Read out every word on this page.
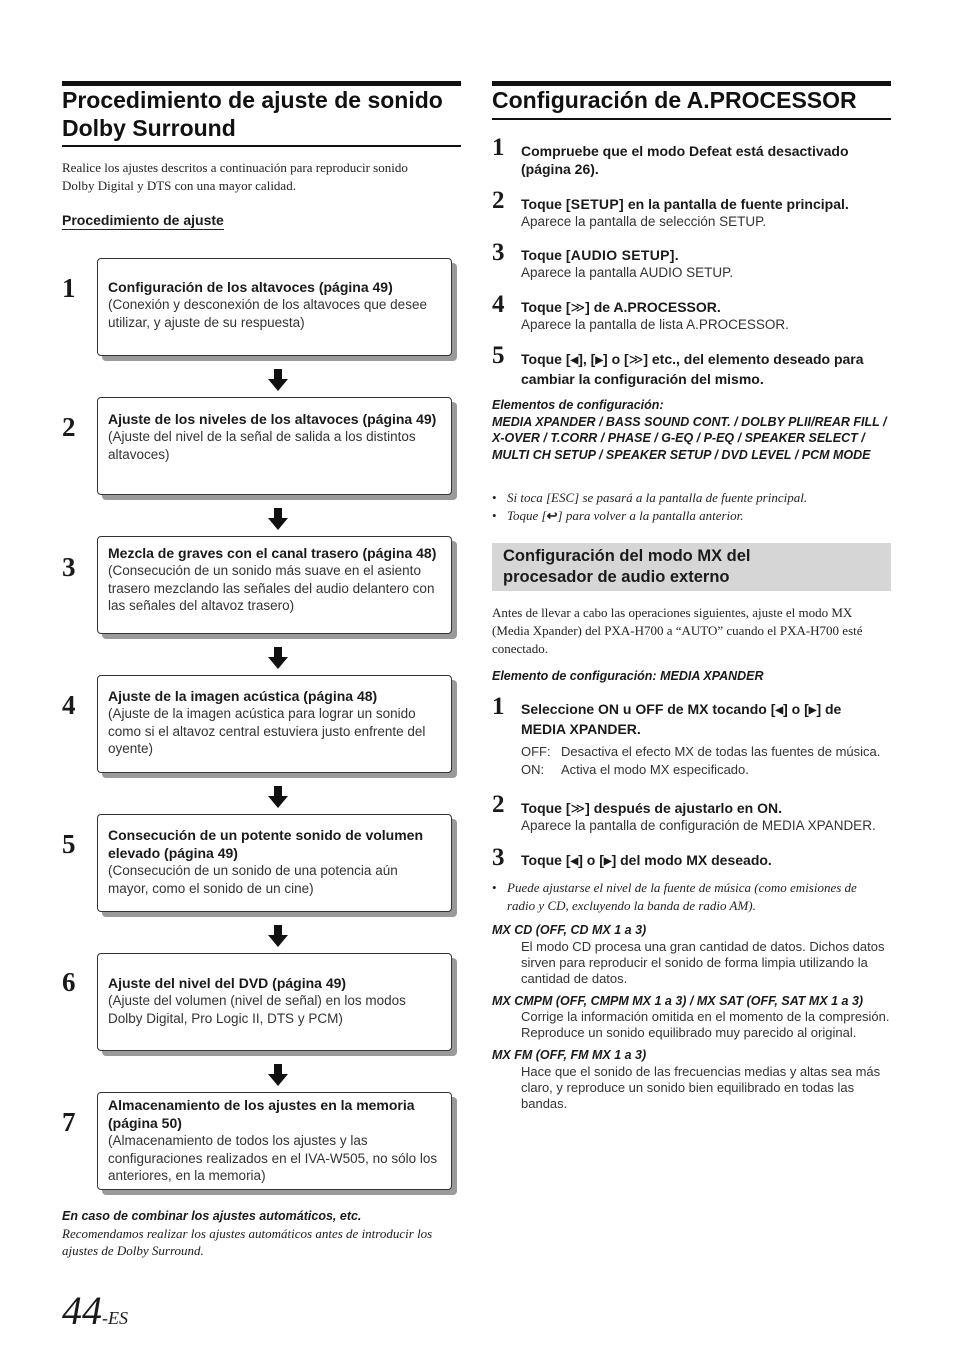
Procedimiento de ajuste de sonido
Dolby Surround
Realice los ajustes descritos a continuación para reproducir sonido Dolby Digital y DTS con una mayor calidad.
Procedimiento de ajuste
1 Configuración de los altavoces (página 49)
(Conexión y desconexión de los altavoces que desee utilizar, y ajuste de su respuesta)
2 Ajuste de los niveles de los altavoces (página 49)
(Ajuste del nivel de la señal de salida a los distintos altavoces)
3 Mezcla de graves con el canal trasero (página 48)
(Consecución de un sonido más suave en el asiento trasero mezclando las señales del audio delantero con las señales del altavoz trasero)
4 Ajuste de la imagen acústica (página 48)
(Ajuste de la imagen acústica para lograr un sonido como si el altavoz central estuviera justo enfrente del oyente)
5 Consecución de un potente sonido de volumen elevado (página 49)
(Consecución de un sonido de una potencia aún mayor, como el sonido de un cine)
6 Ajuste del nivel del DVD (página 49)
(Ajuste del volumen (nivel de señal) en los modos Dolby Digital, Pro Logic II, DTS y PCM)
7
Almacenamiento de los ajustes en la memoria (página 50)
(Almacenamiento de todos los ajustes y las configuraciones realizados en el IVA-W505, no sólo los anteriores, en la memoria)
En caso de combinar los ajustes automáticos, etc.
Recomendamos realizar los ajustes automáticos antes de introducir los ajustes de Dolby Surround.
44-ES
Configuración de A.PROCESSOR
1 Compruebe que el modo Defeat está desactivado (página 26).
2 Toque [SETUP] en la pantalla de fuente principal.
Aparece la pantalla de selección SETUP.
3 Toque [AUDIO SETUP].
Aparece la pantalla AUDIO SETUP.
4 Toque [≫] de A.PROCESSOR.
Aparece la pantalla de lista A.PROCESSOR.
5 Toque [◀], [▶] o [≫] etc., del elemento deseado para cambiar la configuración del mismo.
Elementos de configuración:
MEDIA XPANDER / BASS SOUND CONT. / DOLBY PLII/REAR FILL / X-OVER / T.CORR / PHASE / G-EQ / P-EQ / SPEAKER SELECT / MULTI CH SETUP / SPEAKER SETUP / DVD LEVEL / PCM MODE
• Si toca [ESC] se pasará a la pantalla de fuente principal.
• Toque [↩] para volver a la pantalla anterior.
Configuración del modo MX del
procesador de audio externo
Antes de llevar a cabo las operaciones siguientes, ajuste el modo MX (Media Xpander) del PXA-H700 a “AUTO” cuando el PXA-H700 esté conectado.
Elemento de configuración: MEDIA XPANDER
1 Seleccione ON u OFF de MX tocando [◀] o [▶] de MEDIA XPANDER.
OFF: Desactiva el efecto MX de todas las fuentes de música.
ON: Activa el modo MX especificado.
2 Toque [≫] después de ajustarlo en ON.
Aparece la pantalla de configuración de MEDIA XPANDER.
3 Toque [◀] o [▶] del modo MX deseado.
• Puede ajustarse el nivel de la fuente de música (como emisiones de radio y CD, excluyendo la banda de radio AM).
MX CD (OFF, CD MX 1 a 3)
El modo CD procesa una gran cantidad de datos. Dichos datos sirven para reproducir el sonido de forma limpia utilizando la cantidad de datos.
MX CMPM (OFF, CMPM MX 1 a 3) / MX SAT (OFF, SAT MX 1 a 3)
Corrige la información omitida en el momento de la compresión. Reproduce un sonido equilibrado muy parecido al original.
MX FM (OFF, FM MX 1 a 3)
Hace que el sonido de las frecuencias medias y altas sea más claro, y reproduce un sonido bien equilibrado en todas las bandas.
